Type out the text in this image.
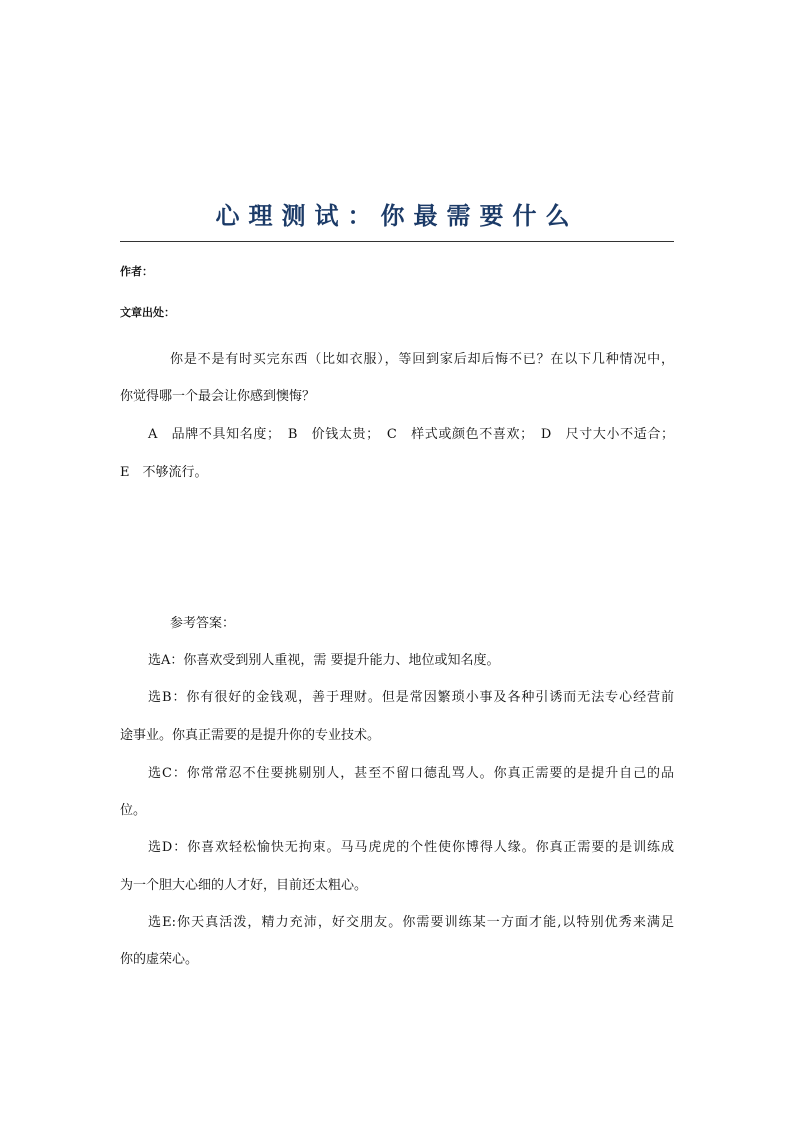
心理测试：你最需要什么
作者：
文章出处：
你是不是有时买完东西（比如衣服），等回到家后却后悔不已？在以下几种情况中，
你觉得哪一个最会让你感到懊悔？
A　品牌不具知名度；　B　价钱太贵；　C　样式或颜色不喜欢；　D　尺寸大小不适合；
E　不够流行。
参考答案：
选A：你喜欢受到别人重视，需 要提升能力、地位或知名度。
选B：你有很好的金钱观，善于理财。但是常因繁琐小事及各种引诱而无法专心经营前
途事业。你真正需要的是提升你的专业技术。
选C：你常常忍不住要挑剔别人，甚至不留口德乱骂人。你真正需要的是提升自己的品
位。
选D：你喜欢轻松愉快无拘束。马马虎虎的个性使你博得人缘。你真正需要的是训练成
为一个胆大心细的人才好，目前还太粗心。
选E:你天真活泼，精力充沛，好交朋友。你需要训练某一方面才能,以特别优秀来满足
你的虚荣心。
